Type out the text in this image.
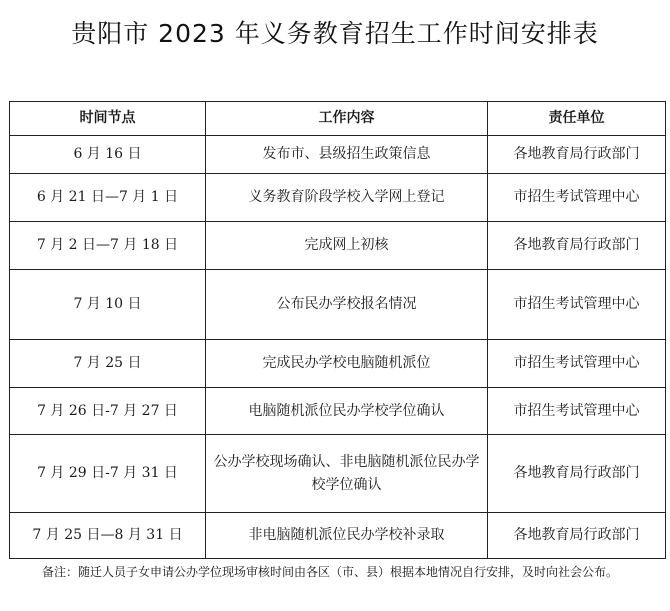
贵阳市 2023 年义务教育招生工作时间安排表
时间节点	工作内容	责任单位
6 月 16 日	发布市、县级招生政策信息	各地教育局行政部门
6 月 21 日—7 月 1 日	义务教育阶段学校入学网上登记	市招生考试管理中心
7 月 2 日—7 月 18 日	完成网上初核	各地教育局行政部门
7 月 10 日	公布民办学校报名情况	市招生考试管理中心
7 月 25 日	完成民办学校电脑随机派位	市招生考试管理中心
7 月 26 日-7 月 27 日	电脑随机派位民办学校学位确认	市招生考试管理中心
7 月 29 日-7 月 31 日	公办学校现场确认、非电脑随机派位民办学校学位确认	各地教育局行政部门
7 月 25 日—8 月 31 日	非电脑随机派位民办学校补录取	各地教育局行政部门
备注：随迁人员子女申请公办学位现场审核时间由各区（市、县）根据本地情况自行安排，及时向社会公布。
